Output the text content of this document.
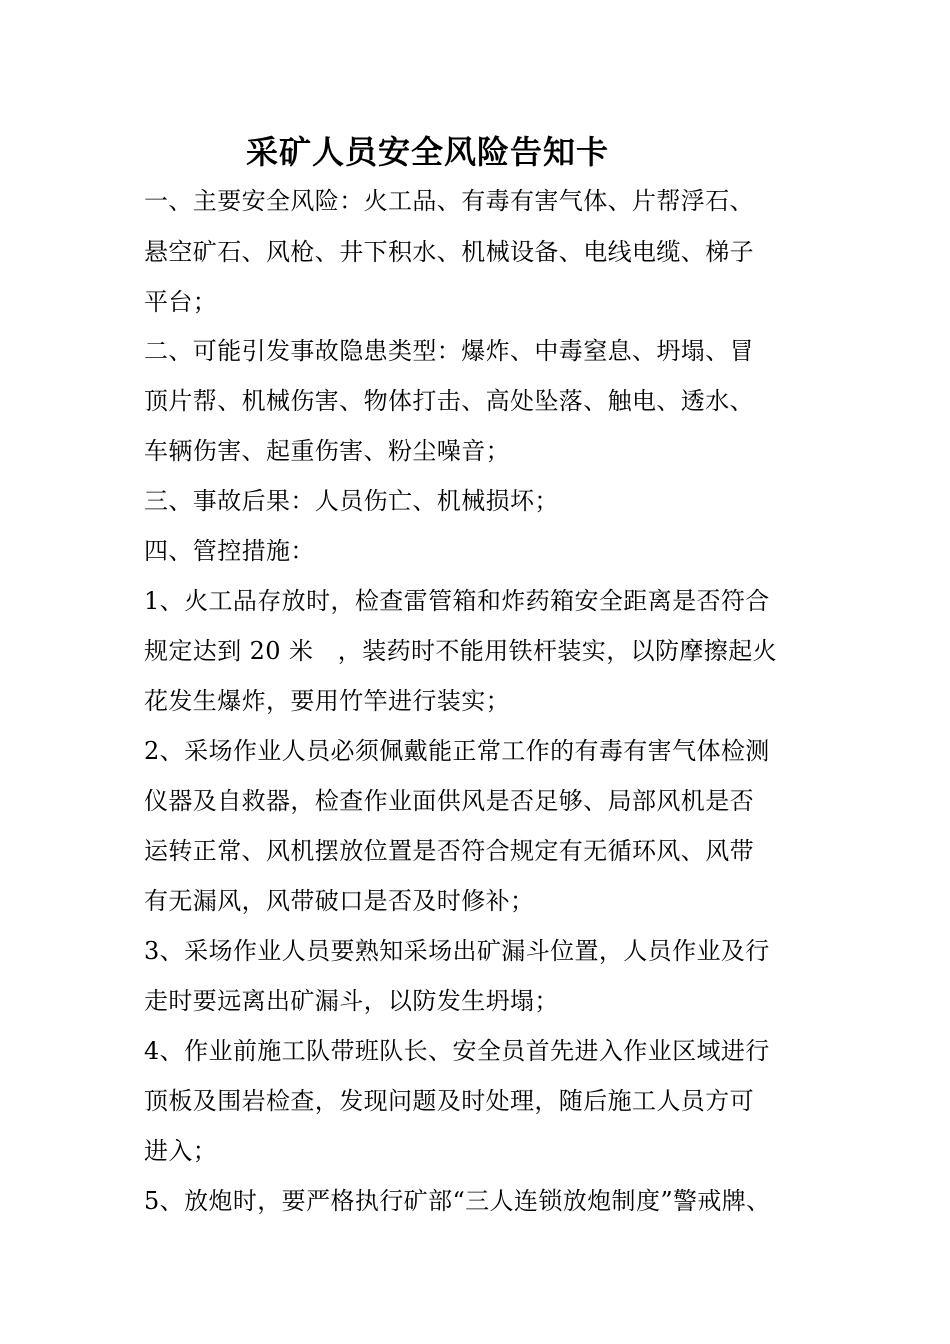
采矿人员安全风险告知卡
一、主要安全风险：火工品、有毒有害气体、片帮浮石、
悬空矿石、风枪、井下积水、机械设备、电线电缆、梯子
平台；
二、可能引发事故隐患类型：爆炸、中毒窒息、坍塌、冒
顶片帮、机械伤害、物体打击、高处坠落、触电、透水、
车辆伤害、起重伤害、粉尘噪音；
三、事故后果：人员伤亡、机械损坏；
四、管控措施：
1、火工品存放时，检查雷管箱和炸药箱安全距离是否符合
规定达到 20 米　，装药时不能用铁杆装实，以防摩擦起火
花发生爆炸，要用竹竿进行装实；
2、采场作业人员必须佩戴能正常工作的有毒有害气体检测
仪器及自救器，检查作业面供风是否足够、局部风机是否
运转正常、风机摆放位置是否符合规定有无循环风、风带
有无漏风，风带破口是否及时修补；
3、采场作业人员要熟知采场出矿漏斗位置，人员作业及行
走时要远离出矿漏斗，以防发生坍塌；
4、作业前施工队带班队长、安全员首先进入作业区域进行
顶板及围岩检查，发现问题及时处理，随后施工人员方可
进入；
5、放炮时，要严格执行矿部“三人连锁放炮制度”警戒牌、
